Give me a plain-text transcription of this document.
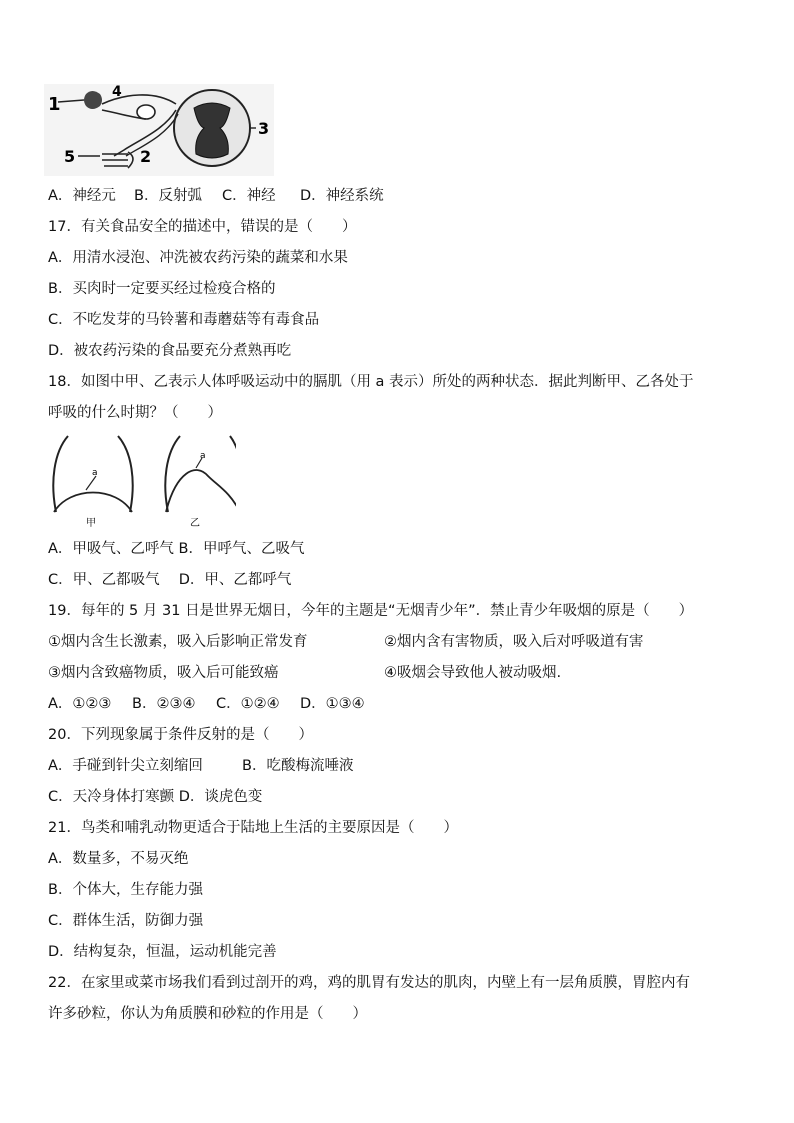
1
4
3
5	2
A．神经元 B．反射弧 C．神经 D．神经系统
17．有关食品安全的描述中，错误的是（　　）
A．用清水浸泡、冲洗被农药污染的蔬菜和水果
B．买肉时一定要买经过检疫合格的
C．不吃发芽的马铃薯和毒蘑菇等有毒食品
D．被农药污染的食品要充分煮熟再吃
18．如图中甲、乙表示人体呼吸运动中的膈肌（用 a 表示）所处的两种状态．据此判断甲、乙各处于
呼吸的什么时期？（　　）
a
甲
a
乙
A．甲吸气、乙呼气 B．甲呼气、乙吸气
C．甲、乙都吸气　 D．甲、乙都呼气
19．每年的 5 月 31 日是世界无烟日，今年的主题是“无烟青少年”．禁止青少年吸烟的原是（　　）
①烟内含生长激素，吸入后影响正常发育	②烟内含有害物质，吸入后对呼吸道有害
③烟内含致癌物质，吸入后可能致癌	④吸烟会导致他人被动吸烟.
A．①②③ B．②③④ C．①②④ D．①③④
20．下列现象属于条件反射的是（　　）
A．手碰到针尖立刻缩回	B．吃酸梅流唾液
C．天冷身体打寒颤 D．谈虎色变
21．鸟类和哺乳动物更适合于陆地上生活的主要原因是（　　）
A．数量多，不易灭绝
B．个体大，生存能力强
C．群体生活，防御力强
D．结构复杂，恒温，运动机能完善
22．在家里或菜市场我们看到过剖开的鸡，鸡的肌胃有发达的肌肉，内壁上有一层角质膜，胃腔内有
许多砂粒，你认为角质膜和砂粒的作用是（　　）
